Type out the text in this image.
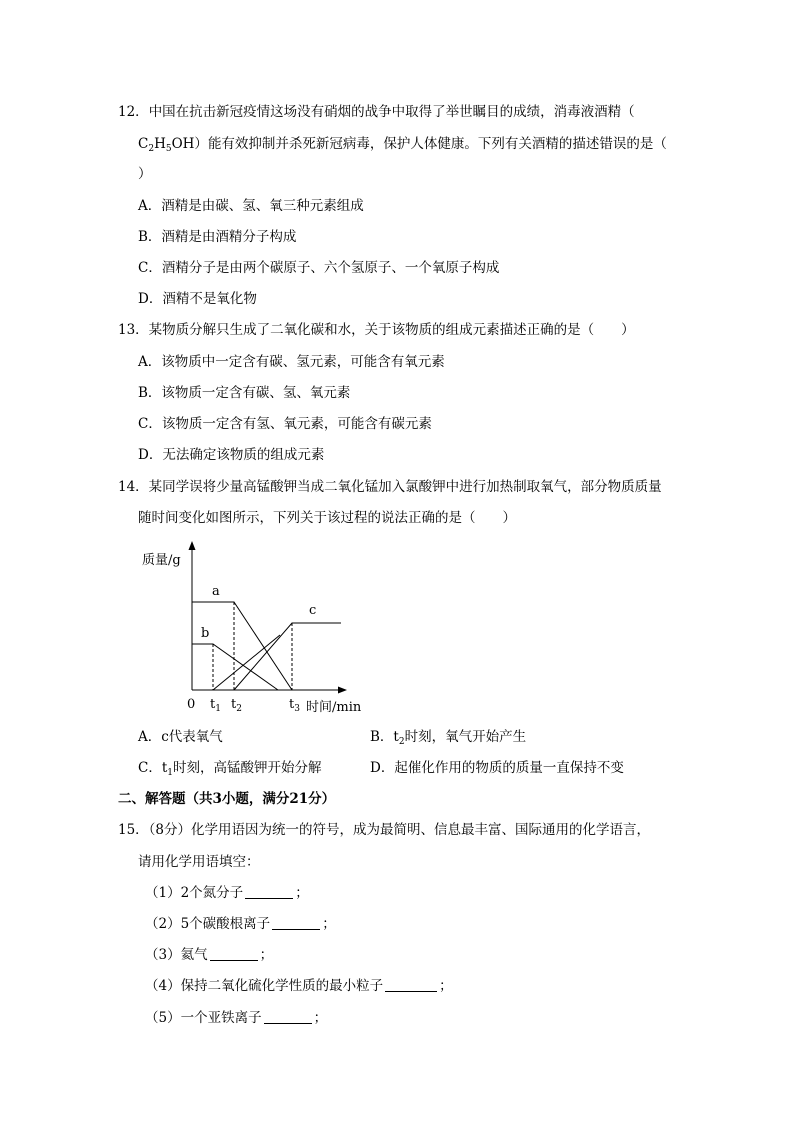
12．中国在抗击新冠疫情这场没有硝烟的战争中取得了举世瞩目的成绩，消毒液酒精（
$C_2H_5OH$）能有效抑制并杀死新冠病毒，保护人体健康。下列有关酒精的描述错误的是（
）
A．酒精是由碳、氢、氧三种元素组成
B．酒精是由酒精分子构成
C．酒精分子是由两个碳原子、六个氢原子、一个氧原子构成
D．酒精不是氧化物
13．某物质分解只生成了二氧化碳和水，关于该物质的组成元素描述正确的是（　　）
A．该物质中一定含有碳、氢元素，可能含有氧元素
B．该物质一定含有碳、氢、氧元素
C．该物质一定含有氢、氧元素，可能含有碳元素
D．无法确定该物质的组成元素
14．某同学误将少量高锰酸钾当成二氧化锰加入氯酸钾中进行加热制取氧气，部分物质质量
随时间变化如图所示，下列关于该过程的说法正确的是（　　）
质量/g
时间/min
0 $t_1$ $t_2$	$t_3$
a
b
c
A．c代表氧气	B．$t_2$时刻，氧气开始产生
C．$t_1$时刻，高锰酸钾开始分解	D．起催化作用的物质的质量一直保持不变
二、解答题（共3小题，满分21分）
15．（8分）化学用语因为统一的符号，成为最简明、信息最丰富、国际通用的化学语言，
请用化学用语填空：
（1）2个氮分子	；
（2）5个碳酸根离子	；
（3）氦气	；
（4）保持二氧化硫化学性质的最小粒子	；
（5）一个亚铁离子	；
